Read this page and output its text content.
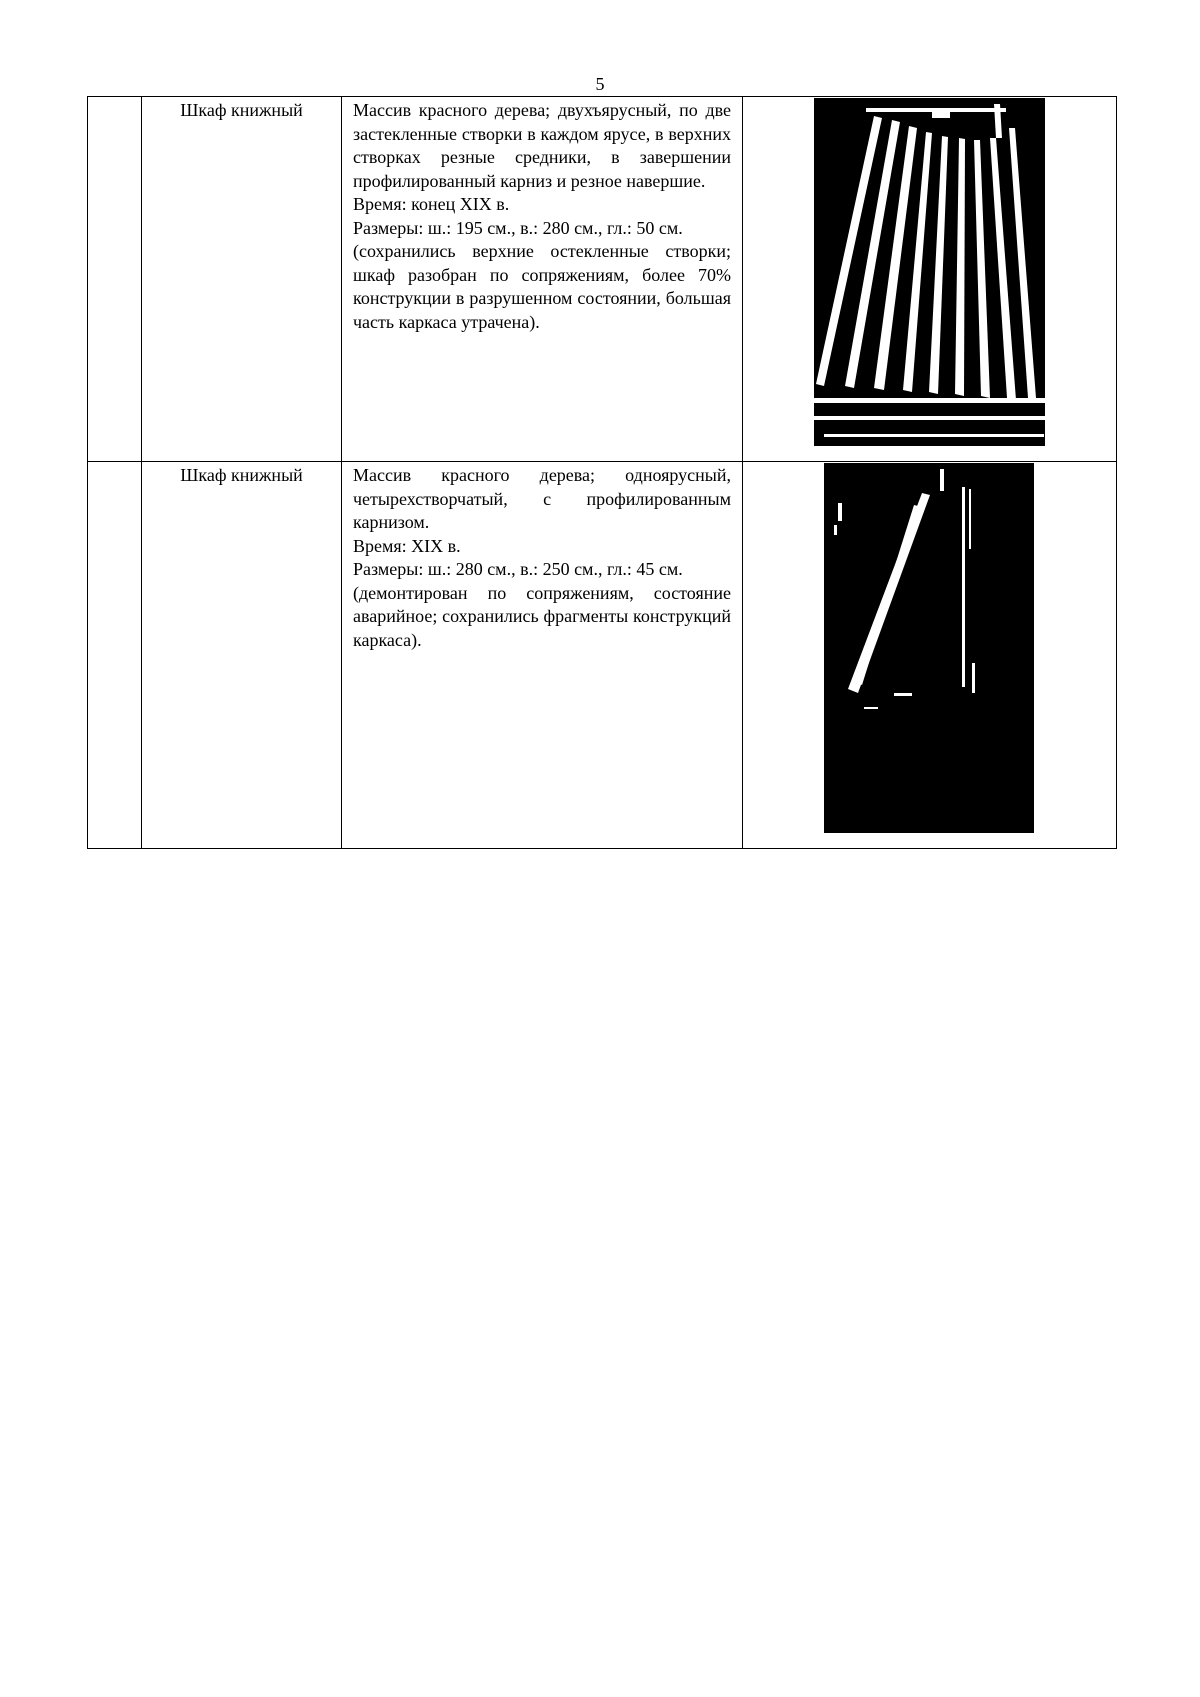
5

	Шкаф книжный	Массив красного дерева; двухъярусный, по две застекленные створки в каждом ярусе, в верхних створках резные средники, в завершении профилированный карниз и резное навершие.

Время: конец XIX в.

Размеры: ш.: 195 см., в.: 280 см., гл.: 50 см.

(сохранились верхние остекленные створки; шкаф разобран по сопряжениям, более 70% конструкции в разрушенном состоянии, большая часть каркаса утрачена).

	Шкаф книжный	Массив красного дерева; одноярусный, четырехстворчатый, с профилированным карнизом.

Время: XIX в.

Размеры: ш.: 280 см., в.: 250 см., гл.: 45 см.

(демонтирован по сопряжениям, состояние аварийное; сохранились фрагменты конструкций каркаса).
